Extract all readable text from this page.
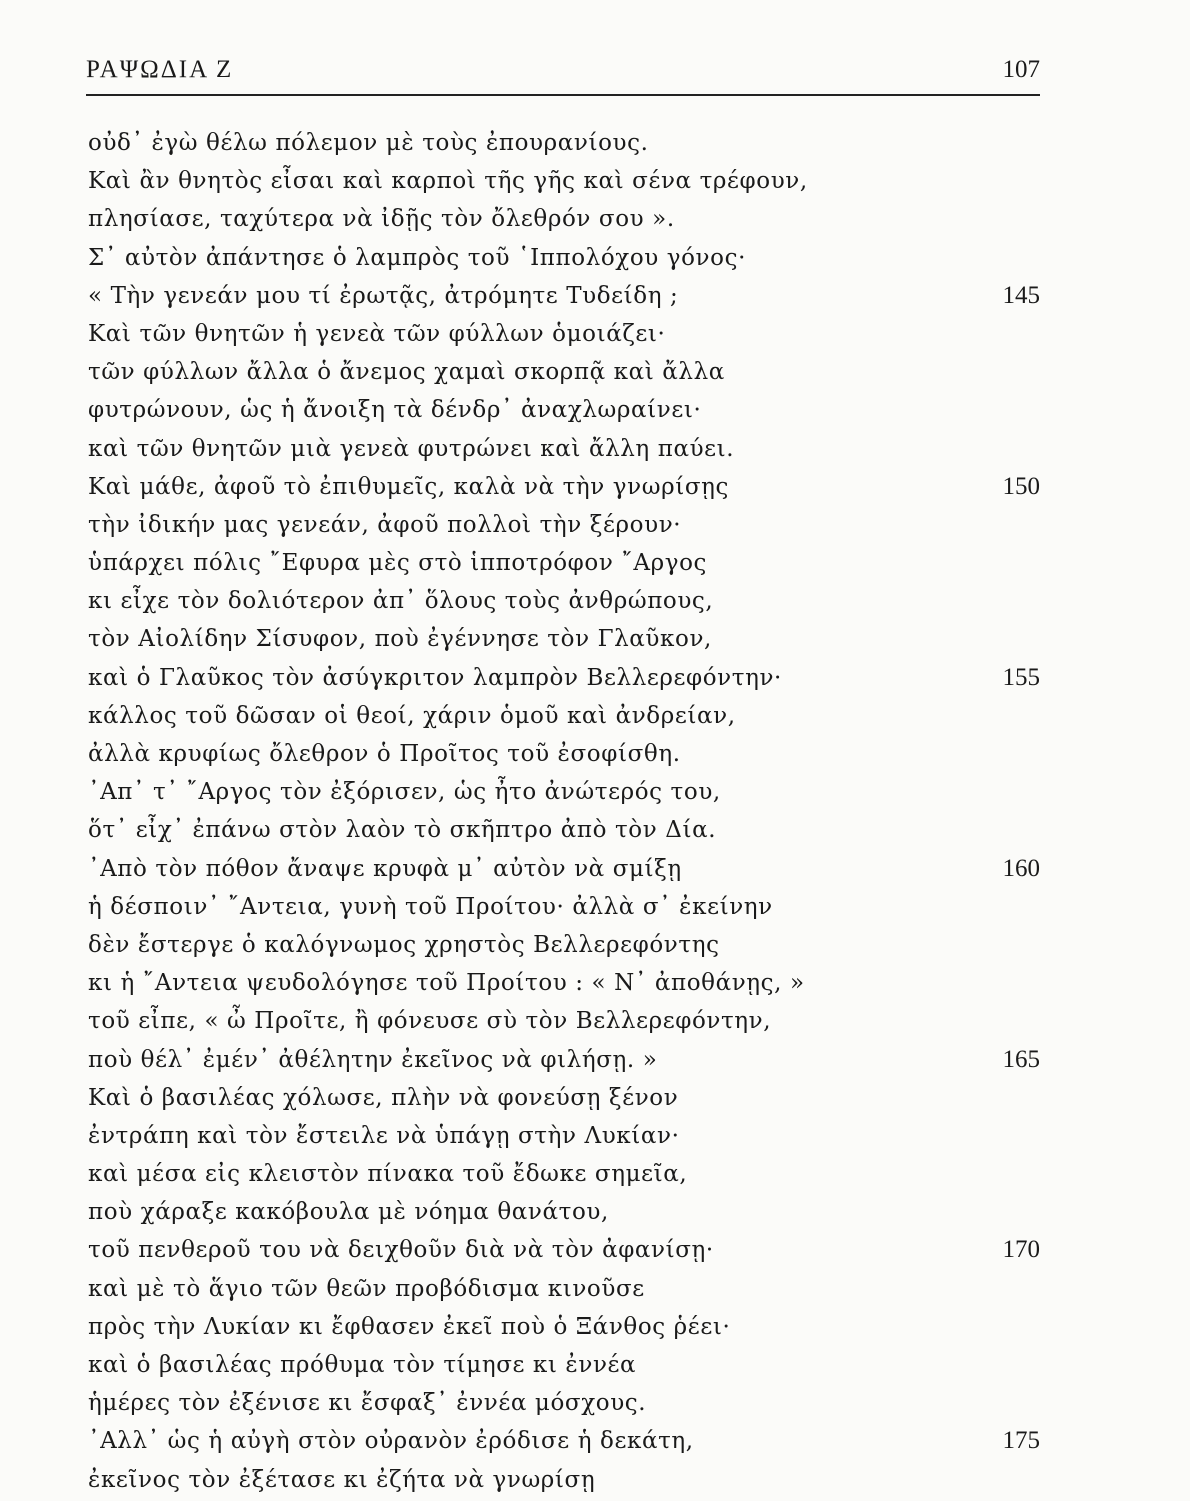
ΡΑΨΩΔΙΑ Ζ	107
οὐδ᾽ ἐγὼ θέλω πόλεμον μὲ τοὺς ἐπουρανίους.
Καὶ ἂν θνητὸς εἶσαι καὶ καρποὶ τῆς γῆς καὶ σένα τρέφουν,
πλησίασε, ταχύτερα νὰ ἰδῇς τὸν ὄλεθρόν σου ».
Σ᾽ αὐτὸν ἀπάντησε ὁ λαμπρὸς τοῦ ῾Ιππολόχου γόνος·
« Τὴν γενεάν μου τί ἐρωτᾷς, ἀτρόμητε Τυδείδη ;	145
Καὶ τῶν θνητῶν ἡ γενεὰ τῶν φύλλων ὁμοιάζει·
τῶν φύλλων ἄλλα ὁ ἄνεμος χαμαὶ σκορπᾷ καὶ ἄλλα
φυτρώνουν, ὡς ἡ ἄνοιξη τὰ δένδρ᾽ ἀναχλωραίνει·
καὶ τῶν θνητῶν μιὰ γενεὰ φυτρώνει καὶ ἄλλη παύει.
Καὶ μάθε, ἀφοῦ τὸ ἐπιθυμεῖς, καλὰ νὰ τὴν γνωρίσῃς	150
τὴν ἰδικήν μας γενεάν, ἀφοῦ πολλοὶ τὴν ξέρουν·
ὑπάρχει πόλις ῎Εφυρα μὲς στὸ ἱπποτρόφον ῎Αργος
κι εἶχε τὸν δολιότερον ἀπ᾽ ὅλους τοὺς ἀνθρώπους,
τὸν Αἰολίδην Σίσυφον, ποὺ ἐγέννησε τὸν Γλαῦκον,
καὶ ὁ Γλαῦκος τὸν ἀσύγκριτον λαμπρὸν Βελλερεφόντην·	155
κάλλος τοῦ δῶσαν οἱ θεοί, χάριν ὁμοῦ καὶ ἀνδρείαν,
ἀλλὰ κρυφίως ὄλεθρον ὁ Προῖτος τοῦ ἐσοφίσθη.
᾽Απ᾽ τ᾽ ῎Αργος τὸν ἐξόρισεν, ὡς ἦτο ἀνώτερός του,
ὅτ᾽ εἶχ᾽ ἐπάνω στὸν λαὸν τὸ σκῆπτρο ἀπὸ τὸν Δία.
᾽Απὸ τὸν πόθον ἄναψε κρυφὰ μ᾽ αὐτὸν νὰ σμίξῃ	160
ἡ δέσποιν᾽ ῎Αντεια, γυνὴ τοῦ Προίτου· ἀλλὰ σ᾽ ἐκείνην
δὲν ἔστεργε ὁ καλόγνωμος χρηστὸς Βελλερεφόντης
κι ἡ ῎Αντεια ψευδολόγησε τοῦ Προίτου : « Ν᾽ ἀποθάνῃς, »
τοῦ εἶπε, « ὦ Προῖτε, ἢ φόνευσε σὺ τὸν Βελλερεφόντην,
ποὺ θέλ᾽ ἐμέν᾽ ἀθέλητην ἐκεῖνος νὰ φιλήσῃ. »	165
Καὶ ὁ βασιλέας χόλωσε, πλὴν νὰ φονεύσῃ ξένον
ἐντράπη καὶ τὸν ἔστειλε νὰ ὑπάγῃ στὴν Λυκίαν·
καὶ μέσα εἰς κλειστὸν πίνακα τοῦ ἔδωκε σημεῖα,
ποὺ χάραξε κακόβουλα μὲ νόημα θανάτου,
τοῦ πενθεροῦ του νὰ δειχθοῦν διὰ νὰ τὸν ἀφανίσῃ·	170
καὶ μὲ τὸ ἅγιο τῶν θεῶν προβόδισμα κινοῦσε
πρὸς τὴν Λυκίαν κι ἔφθασεν ἐκεῖ ποὺ ὁ Ξάνθος ῥέει·
καὶ ὁ βασιλέας πρόθυμα τὸν τίμησε κι ἐννέα
ἡμέρες τὸν ἐξένισε κι ἔσφαξ᾽ ἐννέα μόσχους.
᾽Αλλ᾽ ὡς ἡ αὐγὴ στὸν οὐρανὸν ἐρόδισε ἡ δεκάτη,	175
ἐκεῖνος τὸν ἐξέτασε κι ἐζήτα νὰ γνωρίσῃ
